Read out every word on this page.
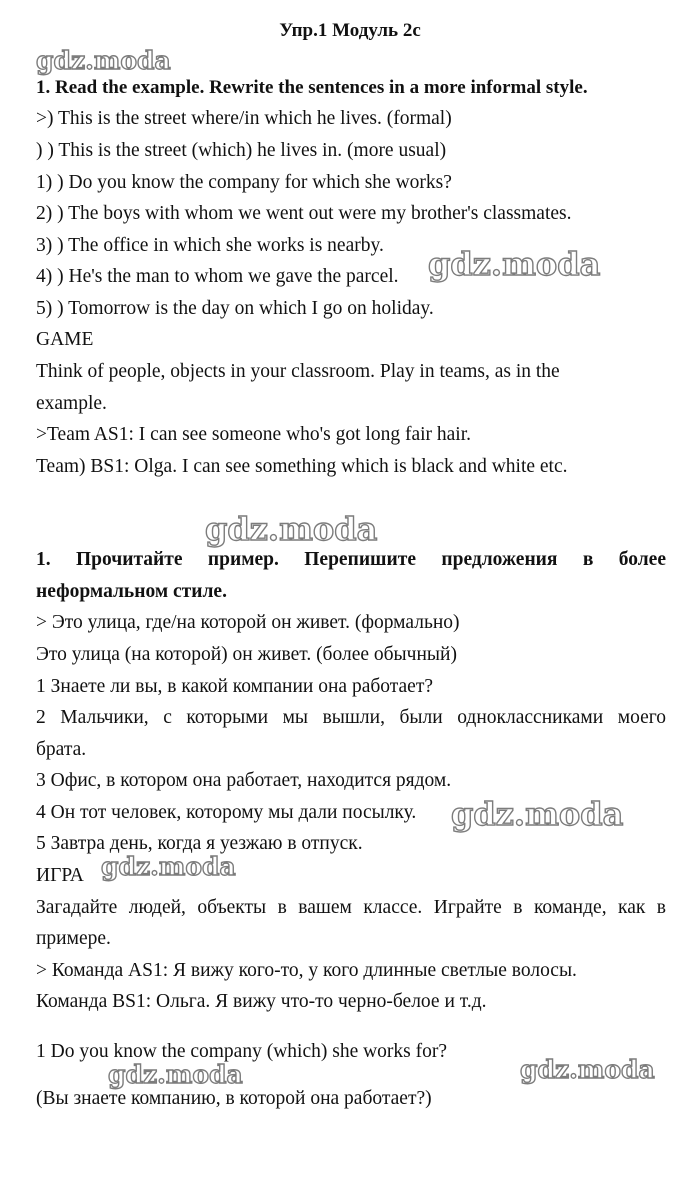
Упр.1 Модуль 2с
gdz.moda
gdz.moda
gdz.moda
gdz.moda
gdz.moda
gdz.moda	gdz.moda
1. Read the example. Rewrite the sentences in a more informal style.
>) This is the street where/in which he lives. (formal)
) ) This is the street (which) he lives in. (more usual)
1) ) Do you know the company for which she works?
2) ) The boys with whom we went out were my brother's classmates.
3) ) The office in which she works is nearby.
4) ) He's the man to whom we gave the parcel.
5) ) Tomorrow is the day on which I go on holiday.
GAME
Think of people, objects in your classroom. Play in teams, as in the
example.
>Team AS1: I can see someone who's got long fair hair.
Team) BS1: Olga. I can see something which is black and white etc.
1. Прочитайте пример. Перепишите предложения в более
неформальном стиле.
> Это улица, где/на которой он живет. (формально)
Это улица (на которой) он живет. (более обычный)
1 Знаете ли вы, в какой компании она работает?
2 Мальчики, с которыми мы вышли, были одноклассниками моего
брата.
3 Офис, в котором она работает, находится рядом.
4 Он тот человек, которому мы дали посылку.
5 Завтра день, когда я уезжаю в отпуск.
ИГРА
Загадайте людей, объекты в вашем классе. Играйте в команде, как в
примере.
> Команда AS1: Я вижу кого-то, у кого длинные светлые волосы.
Команда BS1: Ольга. Я вижу что-то черно-белое и т.д.
1 Do you know the company (which) she works for?
(Вы знаете компанию, в которой она работает?)
